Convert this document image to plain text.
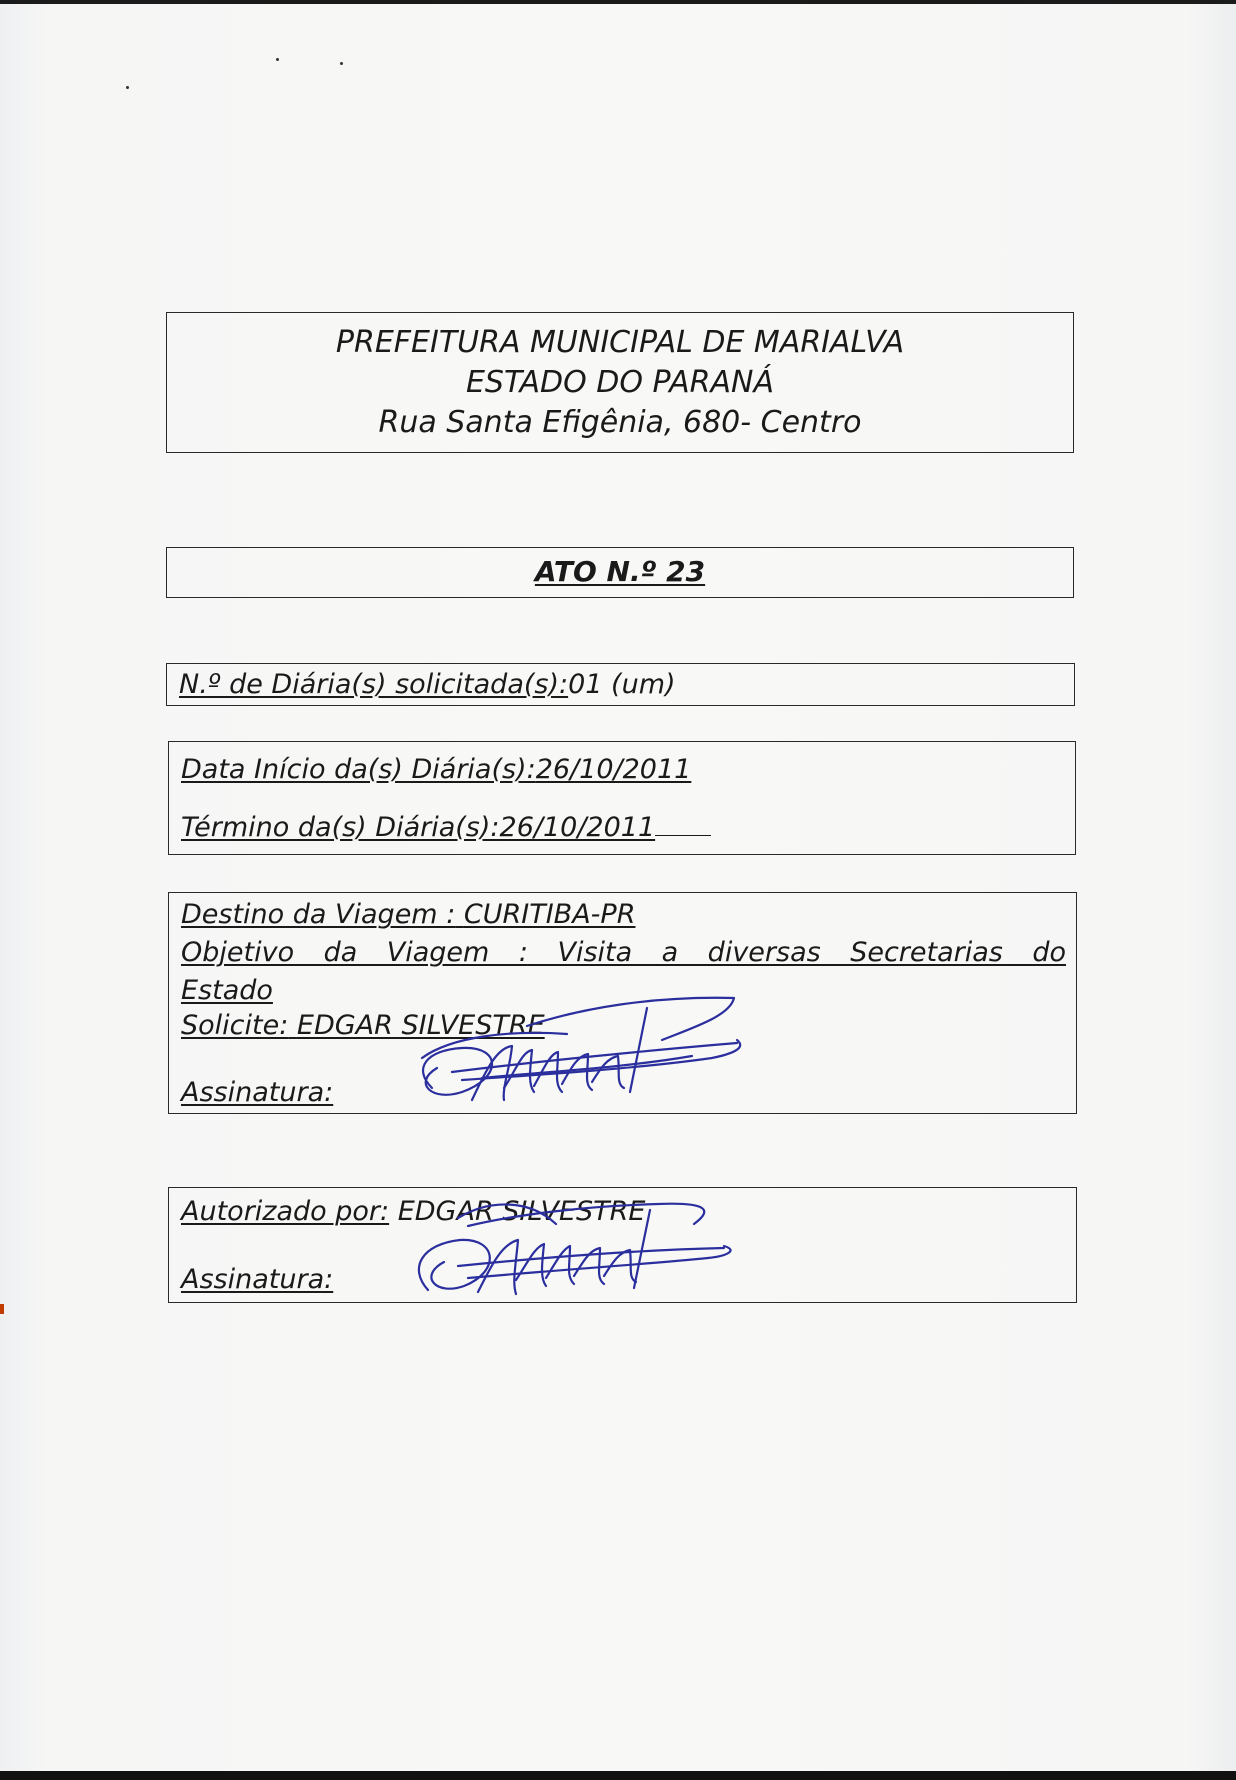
PREFEITURA MUNICIPAL DE MARIALVA
ESTADO DO PARANÁ
Rua Santa Efigênia, 680- Centro
ATO N.º 23
N.º de Diária(s) solicitada(s):01 (um)
Data Início da(s) Diária(s):26/10/2011
Término da(s) Diária(s):26/10/2011
Destino da Viagem : CURITIBA-PR
Objetivo da Viagem : Visita a diversas Secretarias do
Estado
Solicite: EDGAR SILVESTRE
Assinatura:
Autorizado por: EDGAR SILVESTRE
Assinatura:
